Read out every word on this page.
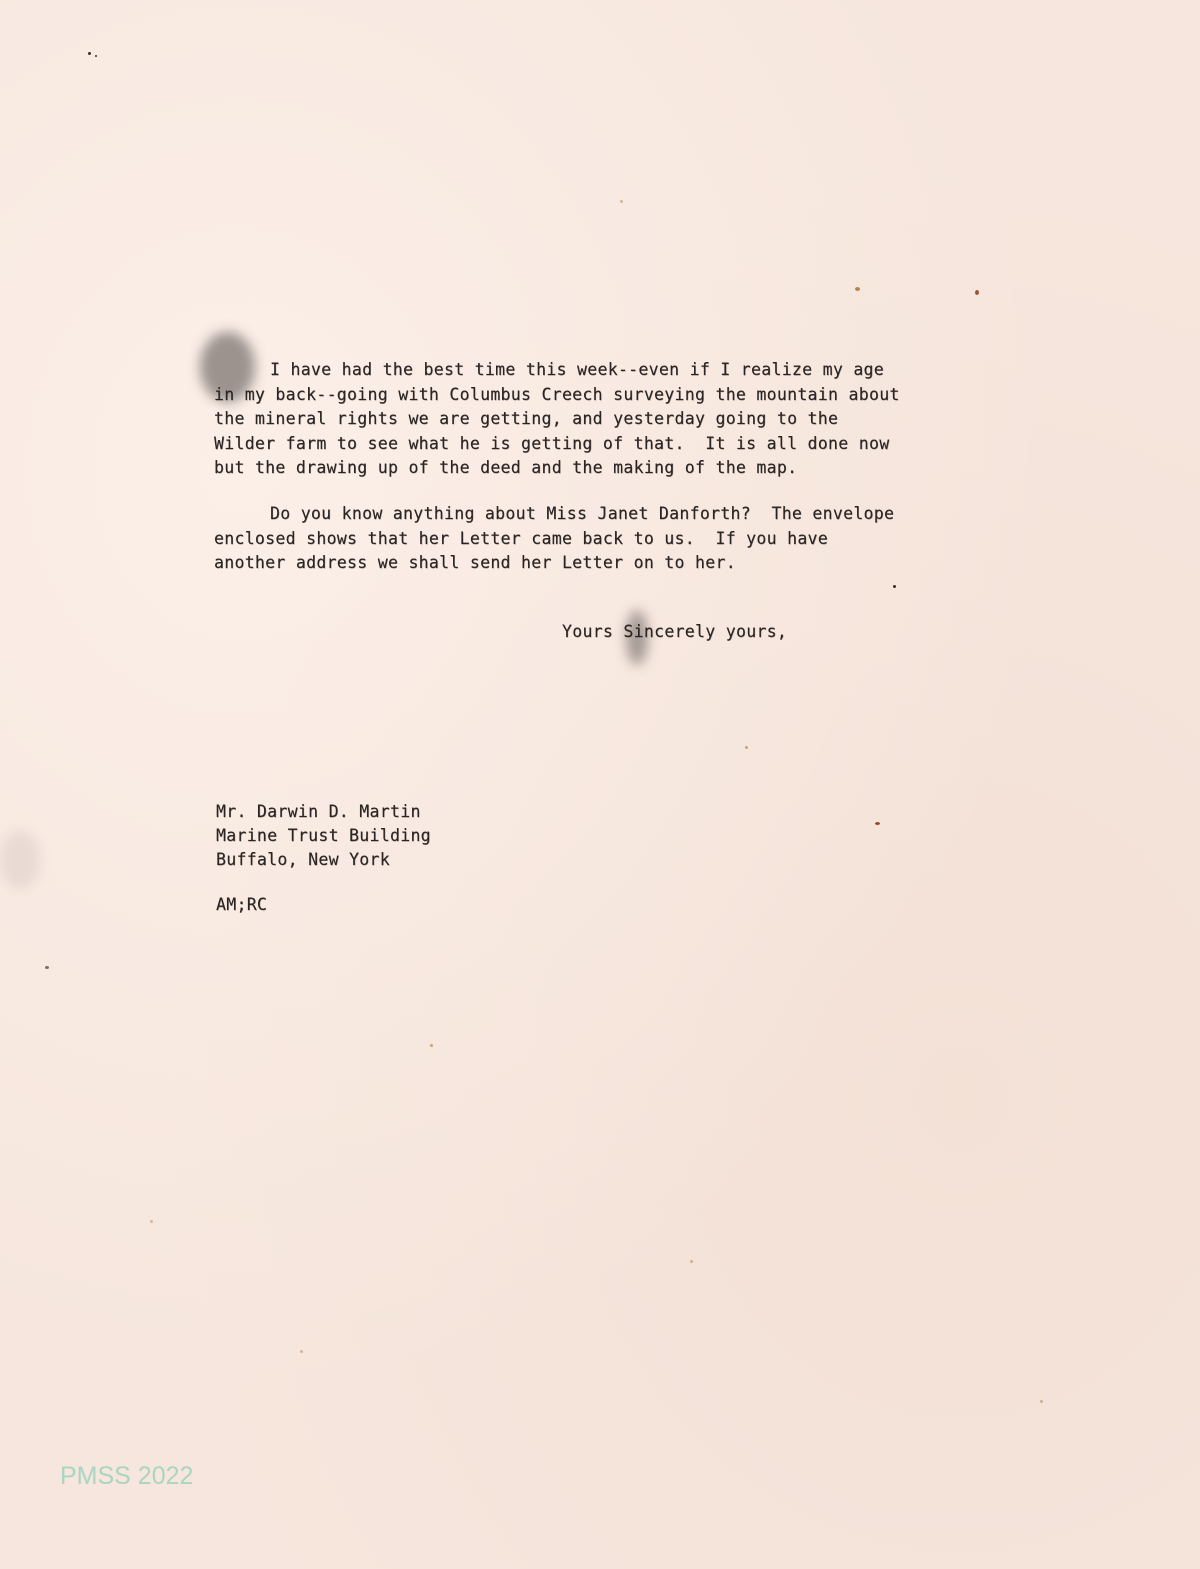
I have had the best time this week--even if I realize my age
in my back--going with Columbus Creech surveying the mountain about
the mineral rights we are getting, and yesterday going to the
Wilder farm to see what he is getting of that.  It is all done now
but the drawing up of the deed and the making of the map.
Do you know anything about Miss Janet Danforth?  The envelope
enclosed shows that her Letter came back to us.  If you have
another address we shall send her Letter on to her.

Yours Sincerely yours,

Mr. Darwin D. Martin
Marine Trust Building
Buffalo, New York

AM;RC

PMSS 2022
